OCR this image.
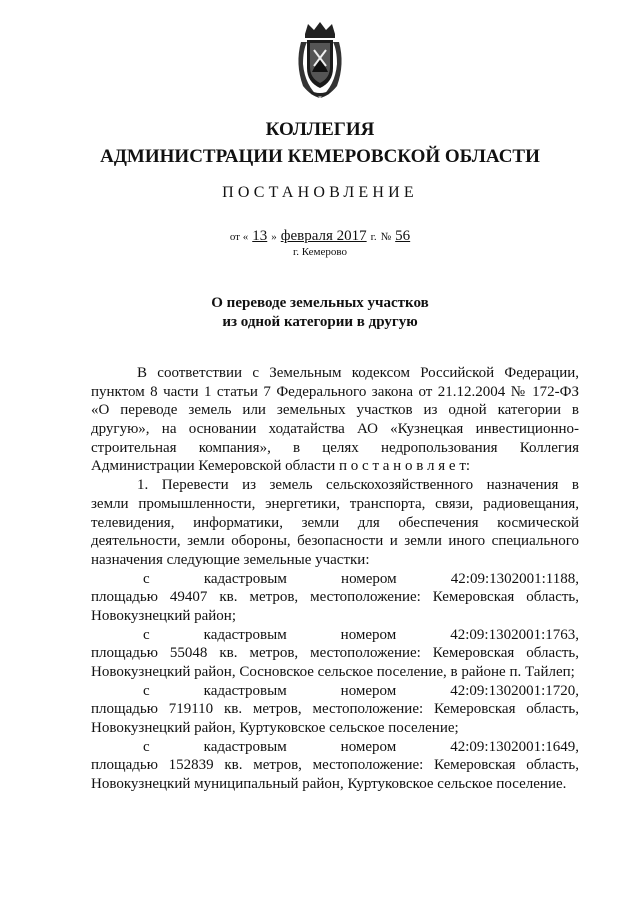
КОЛЛЕГИЯ
АДМИНИСТРАЦИИ КЕМЕРОВСКОЙ ОБЛАСТИ
ПОСТАНОВЛЕНИЕ
от « 13 » февраля 2017 г. № 56
г. Кемерово
О переводе земельных участков
из одной категории в другую
В соответствии с Земельным кодексом Российской Федерации,
пунктом 8 части 1 статьи 7 Федерального закона от 21.12.2004 № 172-ФЗ
«О переводе земель или земельных участков из одной категории в
другую», на основании ходатайства АО «Кузнецкая инвестиционно-
строительная компания», в целях недропользования Коллегия
Администрации Кемеровской области п о с т а н о в л я е т:
1. Перевести из земель сельскохозяйственного назначения в
земли промышленности, энергетики, транспорта, связи, радиовещания,
телевидения, информатики, земли для обеспечения космической
деятельности, земли обороны, безопасности и земли иного специального
назначения следующие земельные участки:
с кадастровым номером 42:09:1302001:1188,
площадью 49407 кв. метров, местоположение: Кемеровская область,
Новокузнецкий район;
с кадастровым номером 42:09:1302001:1763,
площадью 55048 кв. метров, местоположение: Кемеровская область,
Новокузнецкий район, Сосновское сельское поселение, в районе п. Тайлеп;
с кадастровым номером 42:09:1302001:1720,
площадью 719110 кв. метров, местоположение: Кемеровская область,
Новокузнецкий район, Куртуковское сельское поселение;
с кадастровым номером 42:09:1302001:1649,
площадью 152839 кв. метров, местоположение: Кемеровская область,
Новокузнецкий муниципальный район, Куртуковское сельское поселение.
